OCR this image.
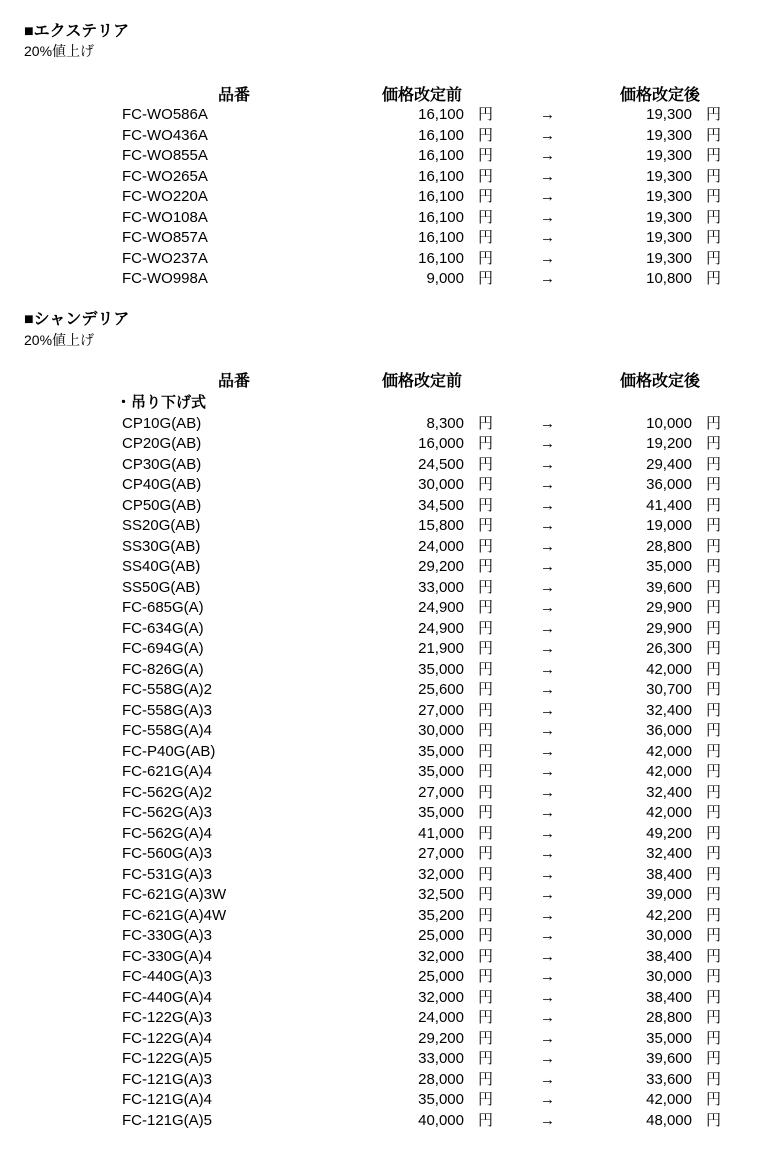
■エクステリア
20%値上げ
品番	価格改定前	価格改定後
FC-WO586A	16,100 円	→	19,300 円
FC-WO436A	16,100 円	→	19,300 円
FC-WO855A	16,100 円	→	19,300 円
FC-WO265A	16,100 円	→	19,300 円
FC-WO220A	16,100 円	→	19,300 円
FC-WO108A	16,100 円	→	19,300 円
FC-WO857A	16,100 円	→	19,300 円
FC-WO237A	16,100 円	→	19,300 円
FC-WO998A	9,000 円	→	10,800 円
■シャンデリア
20%値上げ
品番	価格改定前	価格改定後
・吊り下げ式
CP10G(AB)	8,300 円	→	10,000 円
CP20G(AB)	16,000 円	→	19,200 円
CP30G(AB)	24,500 円	→	29,400 円
CP40G(AB)	30,000 円	→	36,000 円
CP50G(AB)	34,500 円	→	41,400 円
SS20G(AB)	15,800 円	→	19,000 円
SS30G(AB)	24,000 円	→	28,800 円
SS40G(AB)	29,200 円	→	35,000 円
SS50G(AB)	33,000 円	→	39,600 円
FC-685G(A)	24,900 円	→	29,900 円
FC-634G(A)	24,900 円	→	29,900 円
FC-694G(A)	21,900 円	→	26,300 円
FC-826G(A)	35,000 円	→	42,000 円
FC-558G(A)2	25,600 円	→	30,700 円
FC-558G(A)3	27,000 円	→	32,400 円
FC-558G(A)4	30,000 円	→	36,000 円
FC-P40G(AB)	35,000 円	→	42,000 円
FC-621G(A)4	35,000 円	→	42,000 円
FC-562G(A)2	27,000 円	→	32,400 円
FC-562G(A)3	35,000 円	→	42,000 円
FC-562G(A)4	41,000 円	→	49,200 円
FC-560G(A)3	27,000 円	→	32,400 円
FC-531G(A)3	32,000 円	→	38,400 円
FC-621G(A)3W	32,500 円	→	39,000 円
FC-621G(A)4W	35,200 円	→	42,200 円
FC-330G(A)3	25,000 円	→	30,000 円
FC-330G(A)4	32,000 円	→	38,400 円
FC-440G(A)3	25,000 円	→	30,000 円
FC-440G(A)4	32,000 円	→	38,400 円
FC-122G(A)3	24,000 円	→	28,800 円
FC-122G(A)4	29,200 円	→	35,000 円
FC-122G(A)5	33,000 円	→	39,600 円
FC-121G(A)3	28,000 円	→	33,600 円
FC-121G(A)4	35,000 円	→	42,000 円
FC-121G(A)5	40,000 円	→	48,000 円
